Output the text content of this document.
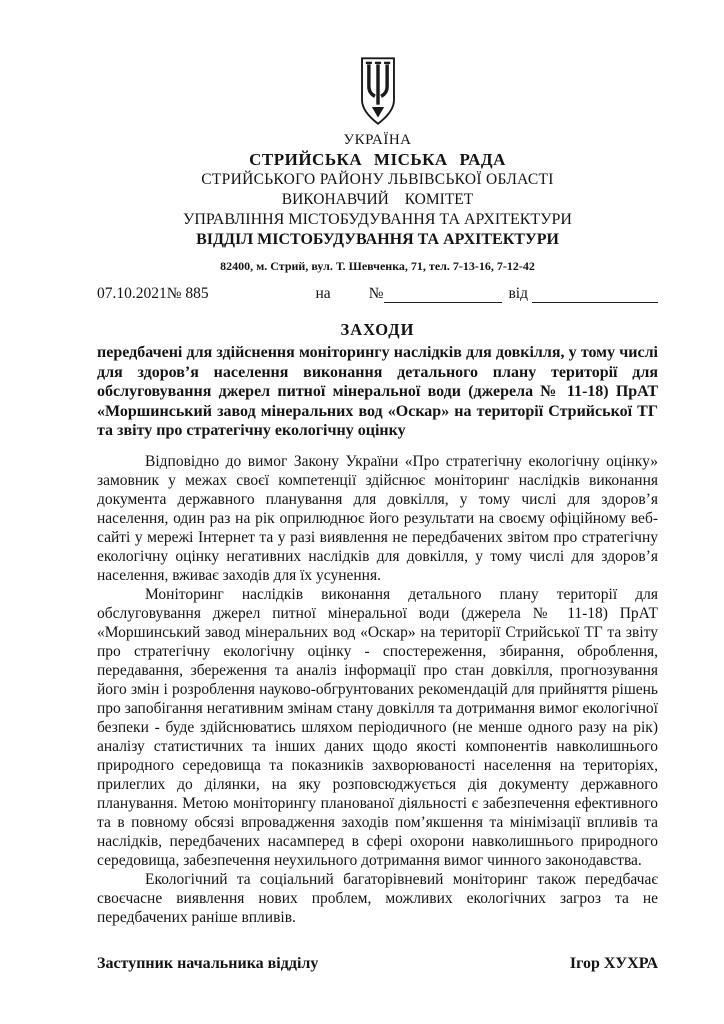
УКРАЇНА
СТРИЙСЬКА МІСЬКА РАДА
СТРИЙСЬКОГО РАЙОНУ ЛЬВІВСЬКОЇ ОБЛАСТІ
ВИКОНАВЧИЙ КОМІТЕТ
УПРАВЛІННЯ МІСТОБУДУВАННЯ ТА АРХІТЕКТУРИ
ВІДДІЛ МІСТОБУДУВАННЯ ТА АРХІТЕКТУРИ
82400, м. Стрий, вул. Т. Шевченка, 71, тел. 7-13-16, 7-12-42
07.10.2021№ 885	на №	від
ЗАХОДИ

передбачені для здійснення моніторингу наслідків для довкілля, у тому числі для здоров’я населення виконання детального плану території для обслуговування джерел питної мінеральної води (джерела № 11-18) ПрАТ «Моршинський завод мінеральних вод «Оскар» на території Стрийської ТГ та звіту про стратегічну екологічну оцінку

Відповідно до вимог Закону України «Про стратегічну екологічну оцінку» замовник у межах своєї компетенції здійснює моніторинг наслідків виконання документа державного планування для довкілля, у тому числі для здоров’я населення, один раз на рік оприлюднює його результати на своєму офіційному веб-сайті у мережі Інтернет та у разі виявлення не передбачених звітом про стратегічну екологічну оцінку негативних наслідків для довкілля, у тому числі для здоров’я населення, вживає заходів для їх усунення.

Моніторинг наслідків виконання детального плану території для обслуговування джерел питної мінеральної води (джерела № 11-18) ПрАТ «Моршинський завод мінеральних вод «Оскар» на території Стрийської ТГ та звіту про стратегічну екологічну оцінку - спостереження, збирання, оброблення, передавання, збереження та аналіз інформації про стан довкілля, прогнозування його змін і розроблення науково-обгрунтованих рекомендацій для прийняття рішень про запобігання негативним змінам стану довкілля та дотримання вимог екологічної безпеки - буде здійснюватись шляхом періодичного (не менше одного разу на рік) аналізу статистичних та інших даних щодо якості компонентів навколишнього природного середовища та показників захворюваності населення на територіях, прилеглих до ділянки, на яку розповсюджується дія документу державного планування. Метою моніторингу планованої діяльності є забезпечення ефективного та в повному обсязі впровадження заходів пом’якшення та мінімізації впливів та наслідків, передбачених насамперед в сфері охорони навколишнього природного середовища, забезпечення неухильного дотримання вимог чинного законодавства.

Екологічний та соціальний багаторівневий моніторинг також передбачає своєчасне виявлення нових проблем, можливих екологічних загроз та не передбачених раніше впливів.

Заступник начальника відділу	Ігор ХУХРА
